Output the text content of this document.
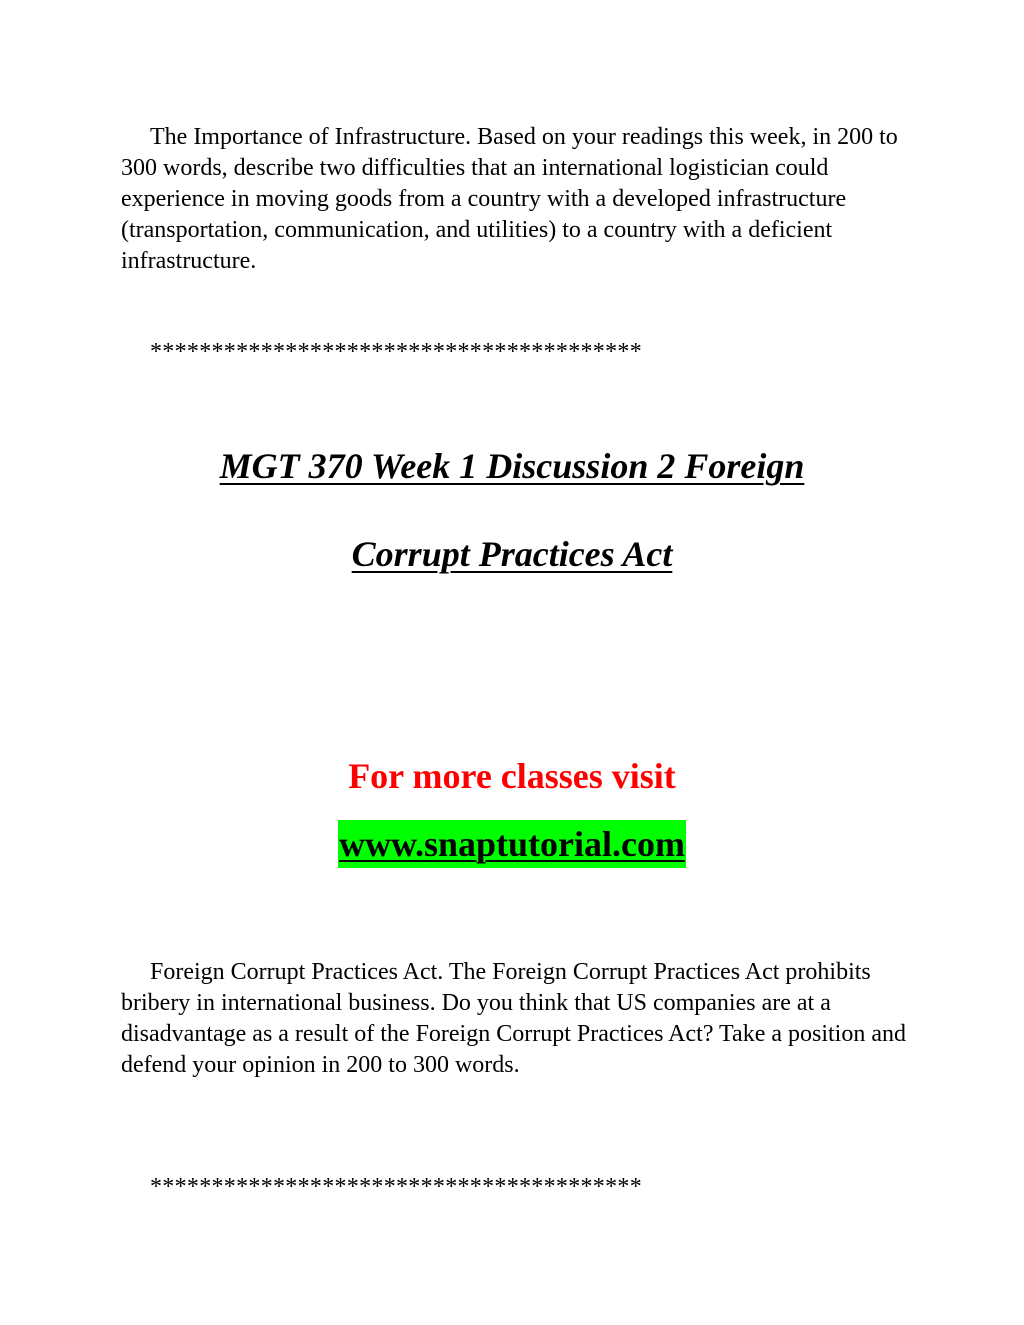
The Importance of Infrastructure. Based on your readings this week, in 200 to 300 words, describe two difficulties that an international logistician could experience in moving goods from a country with a developed infrastructure (transportation, communication, and utilities) to a country with a deficient infrastructure.

****************************************

MGT 370 Week 1 Discussion 2 Foreign
Corrupt Practices Act

For more classes visit

www.snaptutorial.com

Foreign Corrupt Practices Act. The Foreign Corrupt Practices Act prohibits bribery in international business. Do you think that US companies are at a disadvantage as a result of the Foreign Corrupt Practices Act? Take a position and defend your opinion in 200 to 300 words.

****************************************
